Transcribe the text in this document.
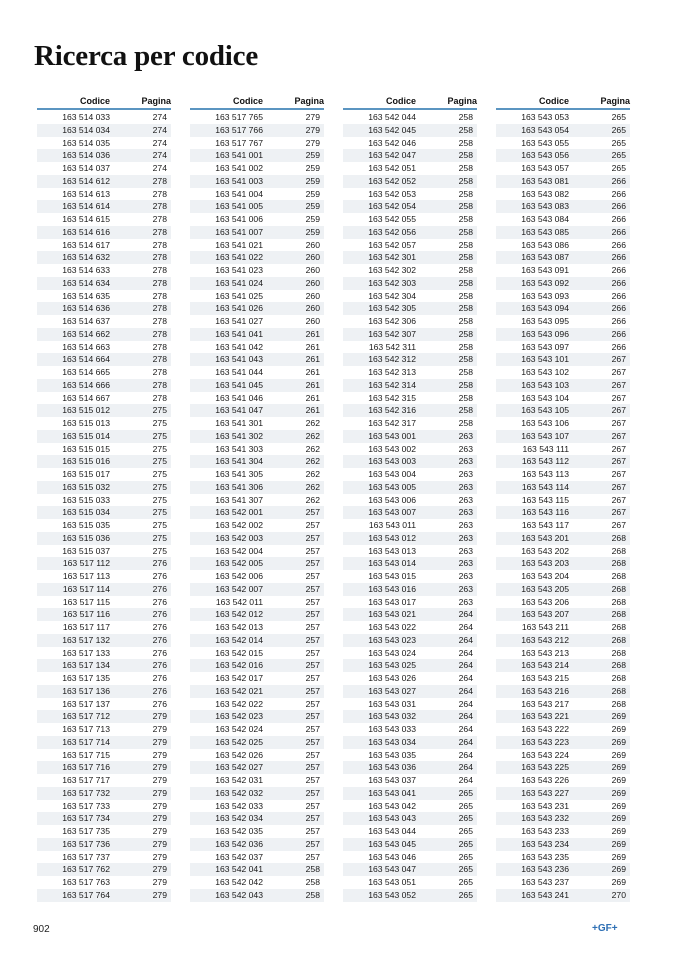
Ricerca per codice
Codice	Pagina
163 514 033	274
163 514 034	274
163 514 035	274
163 514 036	274
163 514 037	274
163 514 612	278
163 514 613	278
163 514 614	278
163 514 615	278
163 514 616	278
163 514 617	278
163 514 632	278
163 514 633	278
163 514 634	278
163 514 635	278
163 514 636	278
163 514 637	278
163 514 662	278
163 514 663	278
163 514 664	278
163 514 665	278
163 514 666	278
163 514 667	278
163 515 012	275
163 515 013	275
163 515 014	275
163 515 015	275
163 515 016	275
163 515 017	275
163 515 032	275
163 515 033	275
163 515 034	275
163 515 035	275
163 515 036	275
163 515 037	275
163 517 112	276
163 517 113	276
163 517 114	276
163 517 115	276
163 517 116	276
163 517 117	276
163 517 132	276
163 517 133	276
163 517 134	276
163 517 135	276
163 517 136	276
163 517 137	276
163 517 712	279
163 517 713	279
163 517 714	279
163 517 715	279
163 517 716	279
163 517 717	279
163 517 732	279
163 517 733	279
163 517 734	279
163 517 735	279
163 517 736	279
163 517 737	279
163 517 762	279
163 517 763	279
163 517 764	279
Codice	Pagina
163 517 765	279
163 517 766	279
163 517 767	279
163 541 001	259
163 541 002	259
163 541 003	259
163 541 004	259
163 541 005	259
163 541 006	259
163 541 007	259
163 541 021	260
163 541 022	260
163 541 023	260
163 541 024	260
163 541 025	260
163 541 026	260
163 541 027	260
163 541 041	261
163 541 042	261
163 541 043	261
163 541 044	261
163 541 045	261
163 541 046	261
163 541 047	261
163 541 301	262
163 541 302	262
163 541 303	262
163 541 304	262
163 541 305	262
163 541 306	262
163 541 307	262
163 542 001	257
163 542 002	257
163 542 003	257
163 542 004	257
163 542 005	257
163 542 006	257
163 542 007	257
163 542 011	257
163 542 012	257
163 542 013	257
163 542 014	257
163 542 015	257
163 542 016	257
163 542 017	257
163 542 021	257
163 542 022	257
163 542 023	257
163 542 024	257
163 542 025	257
163 542 026	257
163 542 027	257
163 542 031	257
163 542 032	257
163 542 033	257
163 542 034	257
163 542 035	257
163 542 036	257
163 542 037	257
163 542 041	258
163 542 042	258
163 542 043	258
Codice	Pagina
163 542 044	258
163 542 045	258
163 542 046	258
163 542 047	258
163 542 051	258
163 542 052	258
163 542 053	258
163 542 054	258
163 542 055	258
163 542 056	258
163 542 057	258
163 542 301	258
163 542 302	258
163 542 303	258
163 542 304	258
163 542 305	258
163 542 306	258
163 542 307	258
163 542 311	258
163 542 312	258
163 542 313	258
163 542 314	258
163 542 315	258
163 542 316	258
163 542 317	258
163 543 001	263
163 543 002	263
163 543 003	263
163 543 004	263
163 543 005	263
163 543 006	263
163 543 007	263
163 543 011	263
163 543 012	263
163 543 013	263
163 543 014	263
163 543 015	263
163 543 016	263
163 543 017	263
163 543 021	264
163 543 022	264
163 543 023	264
163 543 024	264
163 543 025	264
163 543 026	264
163 543 027	264
163 543 031	264
163 543 032	264
163 543 033	264
163 543 034	264
163 543 035	264
163 543 036	264
163 543 037	264
163 543 041	265
163 543 042	265
163 543 043	265
163 543 044	265
163 543 045	265
163 543 046	265
163 543 047	265
163 543 051	265
163 543 052	265
Codice	Pagina
163 543 053	265
163 543 054	265
163 543 055	265
163 543 056	265
163 543 057	265
163 543 081	266
163 543 082	266
163 543 083	266
163 543 084	266
163 543 085	266
163 543 086	266
163 543 087	266
163 543 091	266
163 543 092	266
163 543 093	266
163 543 094	266
163 543 095	266
163 543 096	266
163 543 097	266
163 543 101	267
163 543 102	267
163 543 103	267
163 543 104	267
163 543 105	267
163 543 106	267
163 543 107	267
163 543 111	267
163 543 112	267
163 543 113	267
163 543 114	267
163 543 115	267
163 543 116	267
163 543 117	267
163 543 201	268
163 543 202	268
163 543 203	268
163 543 204	268
163 543 205	268
163 543 206	268
163 543 207	268
163 543 211	268
163 543 212	268
163 543 213	268
163 543 214	268
163 543 215	268
163 543 216	268
163 543 217	268
163 543 221	269
163 543 222	269
163 543 223	269
163 543 224	269
163 543 225	269
163 543 226	269
163 543 227	269
163 543 231	269
163 543 232	269
163 543 233	269
163 543 234	269
163 543 235	269
163 543 236	269
163 543 237	269
163 543 241	270
902	+GF+
